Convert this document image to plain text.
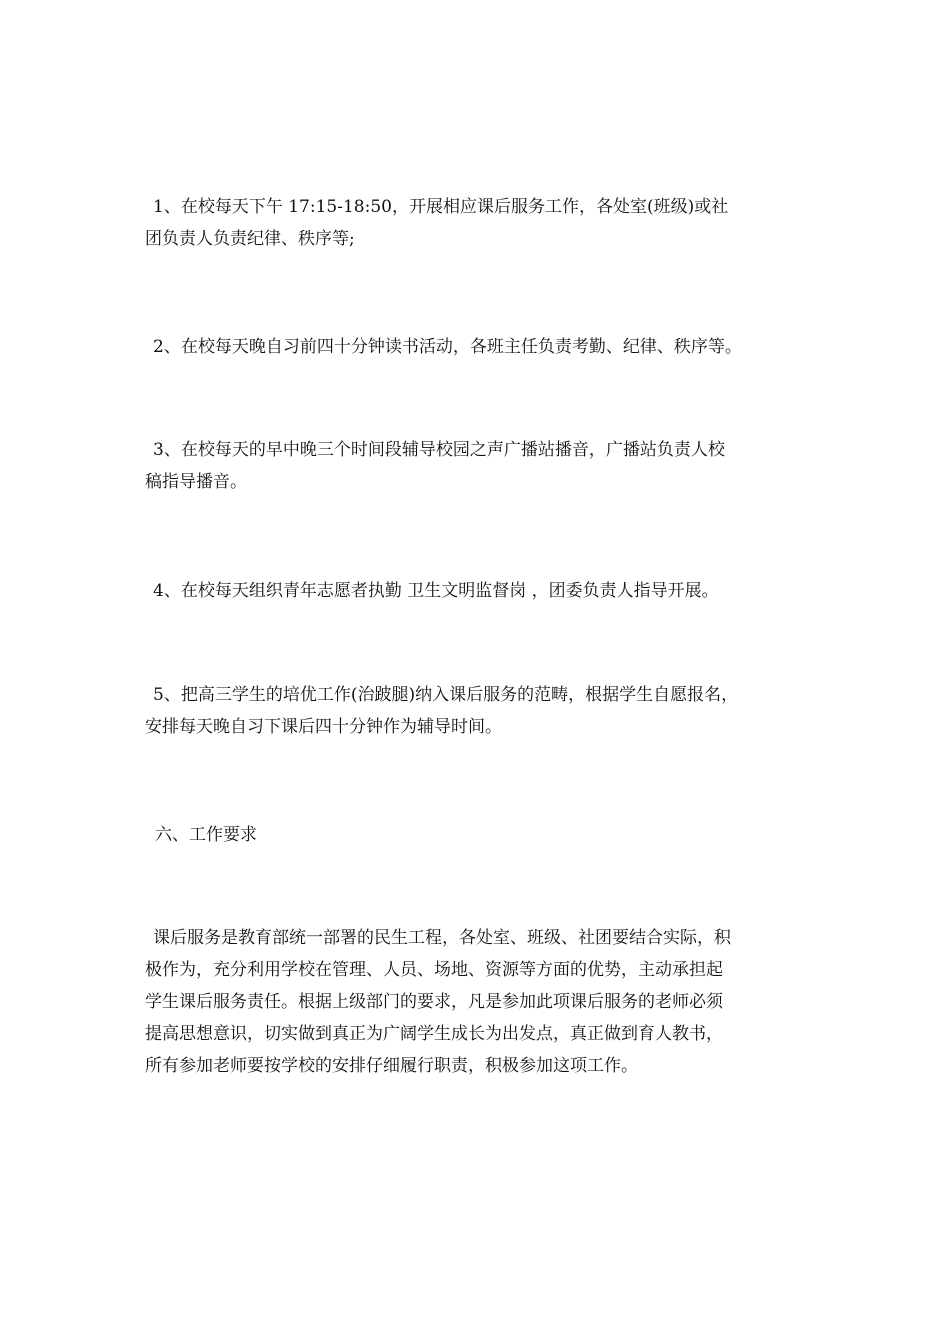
1、在校每天下午 17:15-18:50，开展相应课后服务工作，各处室(班级)或社
团负责人负责纪律、秩序等;

2、在校每天晚自习前四十分钟读书活动，各班主任负责考勤、纪律、秩序等。

3、在校每天的早中晚三个时间段辅导校园之声广播站播音，广播站负责人校
稿指导播音。

4、在校每天组织青年志愿者执勤 卫生文明监督岗 ，团委负责人指导开展。

5、把高三学生的培优工作(治跛腿)纳入课后服务的范畴，根据学生自愿报名，
安排每天晚自习下课后四十分钟作为辅导时间。

六、工作要求

课后服务是教育部统一部署的民生工程，各处室、班级、社团要结合实际，积
极作为，充分利用学校在管理、人员、场地、资源等方面的优势，主动承担起
学生课后服务责任。根据上级部门的要求，凡是参加此项课后服务的老师必须
提高思想意识，切实做到真正为广阔学生成长为出发点，真正做到育人教书，
所有参加老师要按学校的安排仔细履行职责，积极参加这项工作。
